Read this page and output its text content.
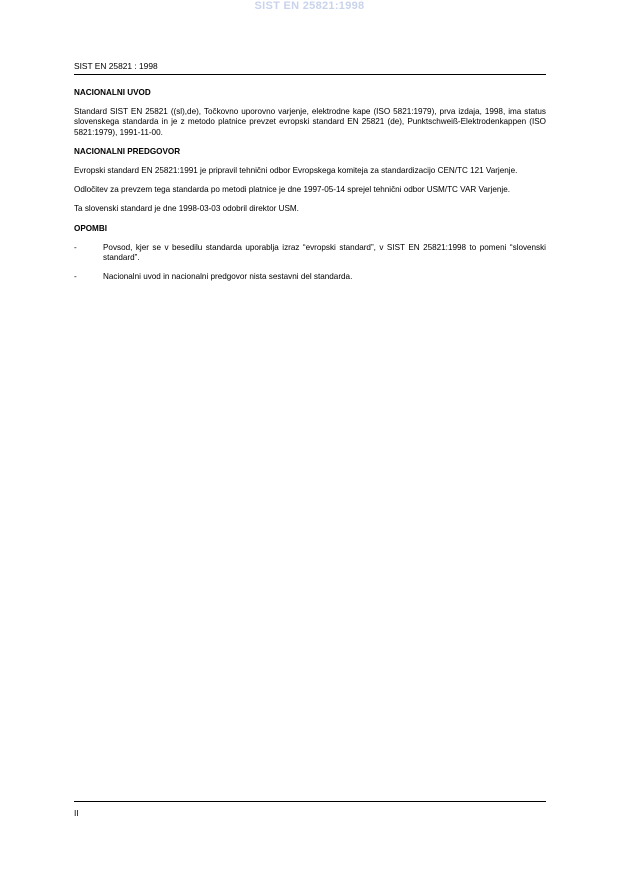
SIST EN 25821:1998
SIST EN 25821 : 1998
NACIONALNI UVOD
Standard SIST EN 25821 ((sl),de), Točkovno uporovno varjenje, elektrodne kape (ISO 5821:1979), prva izdaja, 1998, ima status slovenskega standarda in je z metodo platnice prevzet evropski standard EN 25821 (de), Punktschweiß-Elektrodenkappen (ISO 5821:1979), 1991-11-00.
NACIONALNI PREDGOVOR
Evropski standard EN 25821:1991 je pripravil tehnični odbor Evropskega komiteja za standardizacijo CEN/TC 121 Varjenje.
Odločitev za prevzem tega standarda po metodi platnice je dne 1997-05-14 sprejel tehnični odbor USM/TC VAR Varjenje.
Ta slovenski standard je dne 1998-03-03 odobril direktor USM.
OPOMBI
-	Povsod, kjer se v besedilu standarda uporablja izraz “evropski standard”, v SIST EN 25821:1998 to pomeni “slovenski standard”.
-	Nacionalni uvod in nacionalni predgovor nista sestavni del standarda.
II
